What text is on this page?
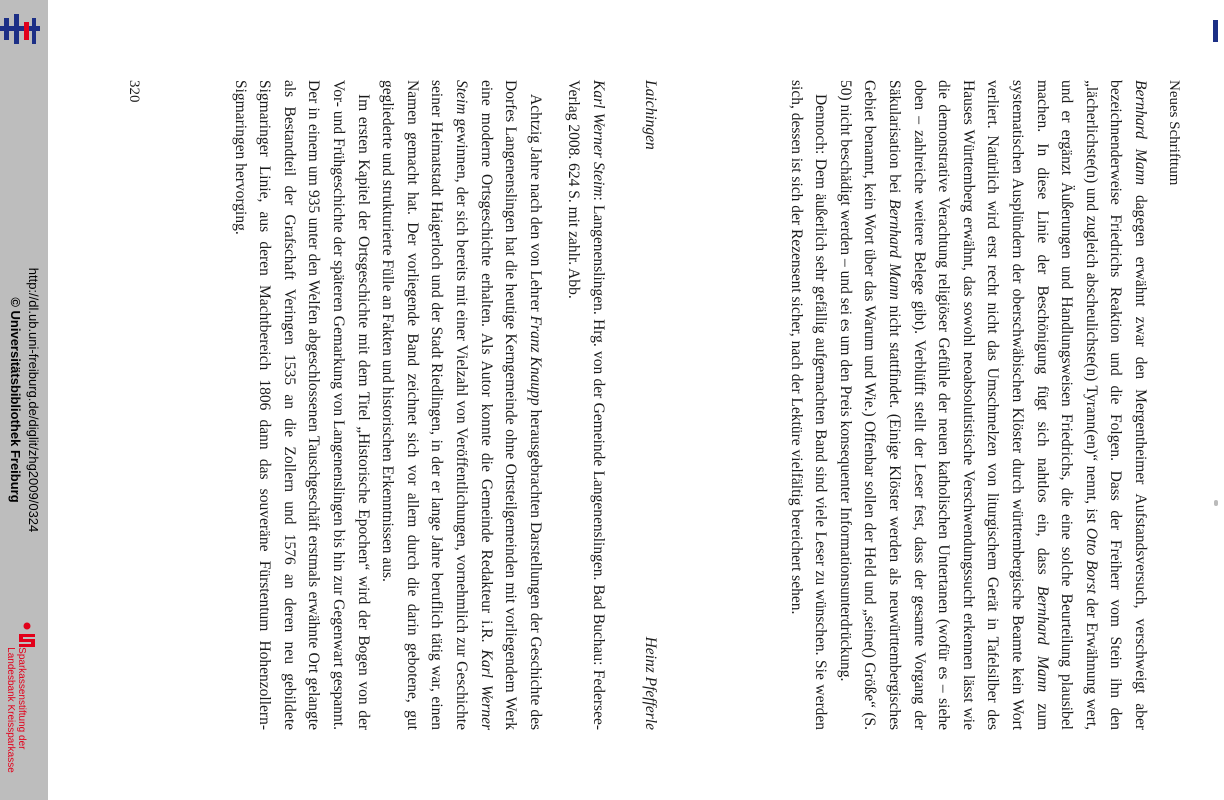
http://dl.ub.uni-freiburg.de/diglit/zhg2009/0324
© Universitätsbibliothek Freiburg
Sparkassenstiftung der
Landesbank Kreissparkasse
Neues Schrifttum

Bernhard Mann dagegen erwähnt zwar den Mergentheimer Aufstandsversuch, verschweigt aber bezeichnenderweise Friedrichs Reaktion und die Folgen. Dass der Freiherr vom Stein ihn den „lächerlichste(n) und zugleich abscheulichste(n) Tyrann(en)“ nennt, ist Otto Borst der Erwähnung wert, und er ergänzt Äußerungen und Handlungsweisen Friedrichs, die eine solche Beurteilung plausibel machen. In diese Linie der Beschönigung fügt sich nahtlos ein, dass Bernhard Mann zum systematischen Ausplündern der oberschwäbischen Klöster durch württembergische Beamte kein Wort verliert. Natürlich wird erst recht nicht das Umschmelzen von liturgischem Gerät in Tafelsilber des Hauses Württemberg erwähnt, das sowohl neoabsolutistische Verschwendungssucht erkennen lässt wie die demonstrative Verachtung religiöser Gefühle der neuen katholischen Untertanen (wofür es – siehe oben – zahlreiche weitere Belege gibt). Verblüfft stellt der Leser fest, dass der gesamte Vorgang der Säkularisation bei Bernhard Mann nicht stattfindet. (Einige Klöster werden als neuwürttembergisches Gebiet benannt, kein Wort über das Warum und Wie.) Offenbar sollen der Held und „seine() Größe“ (S. 50) nicht beschädigt werden – und sei es um den Preis konsequenter Informationsunterdrückung.

Dennoch: Dem äußerlich sehr gefällig aufgemachten Band sind viele Leser zu wünschen. Sie werden sich, dessen ist sich der Rezensent sicher, nach der Lektüre vielfältig bereichert sehen.

Laichingen
Heinz Pfefferle

Karl Werner Steim: Langenenslingen. Hrg. von der Gemeinde Langenenslingen. Bad Buchau: Federsee-Verlag 2008. 624 S. mit zahlr. Abb.

Achtzig Jahre nach den von Lehrer Franz Knaupp herausgebrachten Darstellungen der Geschichte des Dorfes Langenenslingen hat die heutige Kerngemeinde ohne Ortsteilgemeinden mit vorliegendem Werk eine moderne Ortsgeschichte erhalten. Als Autor konnte die Gemeinde Redakteur i.R. Karl Werner Steim gewinnen, der sich bereits mit einer Vielzahl von Veröffentlichungen, vornehmlich zur Geschichte seiner Heimatstadt Haigerloch und der Stadt Riedlingen, in der er lange Jahre beruflich tätig war, einen Namen gemacht hat. Der vorliegende Band zeichnet sich vor allem durch die darin gebotene, gut gegliederte und strukturierte Fülle an Fakten und historischen Erkenntnissen aus.

Im ersten Kapitel der Ortsgeschichte mit dem Titel „Historische Epochen“ wird der Bogen von der Vor- und Frühgeschichte der späteren Gemarkung von Langenenslingen bis hin zur Gegenwart gespannt. Der in einem um 935 unter den Welfen abgeschlossenen Tauschgeschäft erstmals erwähnte Ort gelangte als Bestandteil der Grafschaft Veringen 1535 an die Zollern und 1576 an deren neu gebildete Sigmaringer Linie, aus deren Machtbereich 1806 dann das souveräne Fürstentum Hohenzollern-Sigmaringen hervorging.

320
